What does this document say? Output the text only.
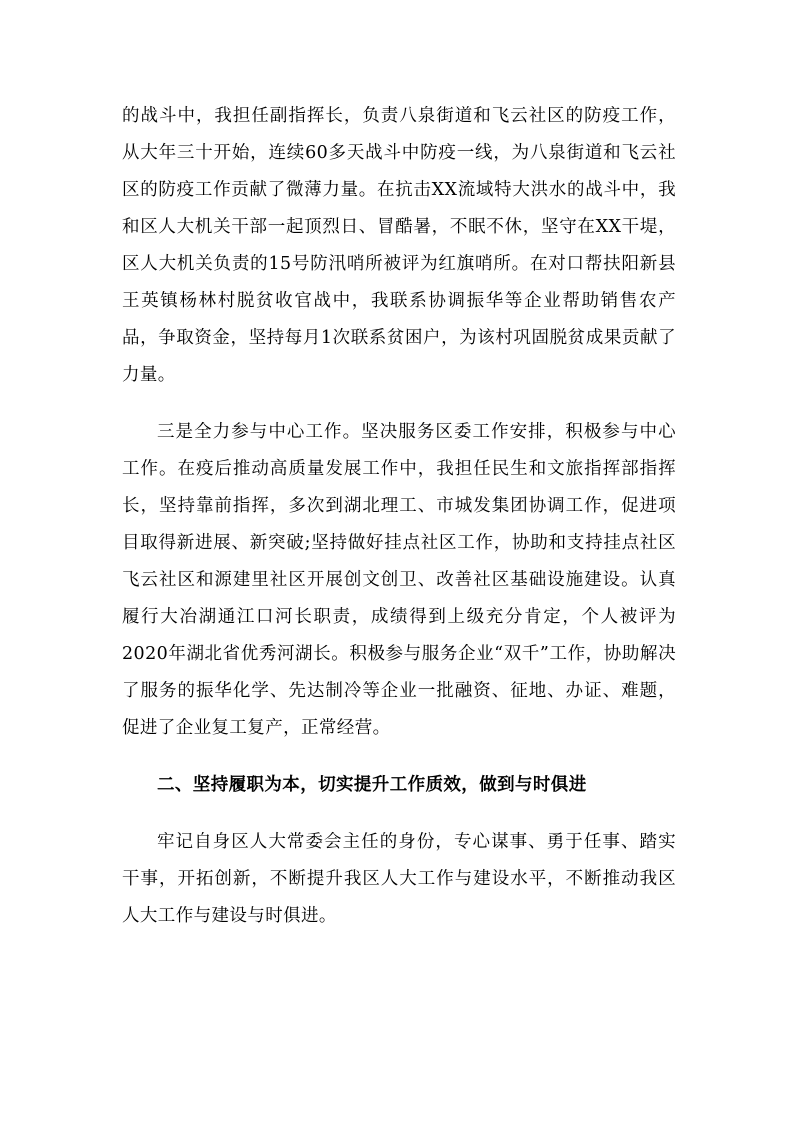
的战斗中，我担任副指挥长，负责八泉街道和飞云社区的防疫工作，从大年三十开始，连续60多天战斗中防疫一线，为八泉街道和飞云社区的防疫工作贡献了微薄力量。在抗击XX流域特大洪水的战斗中，我和区人大机关干部一起顶烈日、冒酷暑，不眠不休，坚守在XX干堤，区人大机关负责的15号防汛哨所被评为红旗哨所。在对口帮扶阳新县王英镇杨林村脱贫收官战中，我联系协调振华等企业帮助销售农产品，争取资金，坚持每月1次联系贫困户，为该村巩固脱贫成果贡献了力量。

三是全力参与中心工作。坚决服务区委工作安排，积极参与中心工作。在疫后推动高质量发展工作中，我担任民生和文旅指挥部指挥长，坚持靠前指挥，多次到湖北理工、市城发集团协调工作，促进项目取得新进展、新突破;坚持做好挂点社区工作，协助和支持挂点社区飞云社区和源建里社区开展创文创卫、改善社区基础设施建设。认真履行大冶湖通江口河长职责，成绩得到上级充分肯定，个人被评为2020年湖北省优秀河湖长。积极参与服务企业“双千”工作，协助解决了服务的振华化学、先达制冷等企业一批融资、征地、办证、难题，促进了企业复工复产，正常经营。

二、坚持履职为本，切实提升工作质效，做到与时俱进

牢记自身区人大常委会主任的身份，专心谋事、勇于任事、踏实干事，开拓创新，不断提升我区人大工作与建设水平，不断推动我区人大工作与建设与时俱进。
